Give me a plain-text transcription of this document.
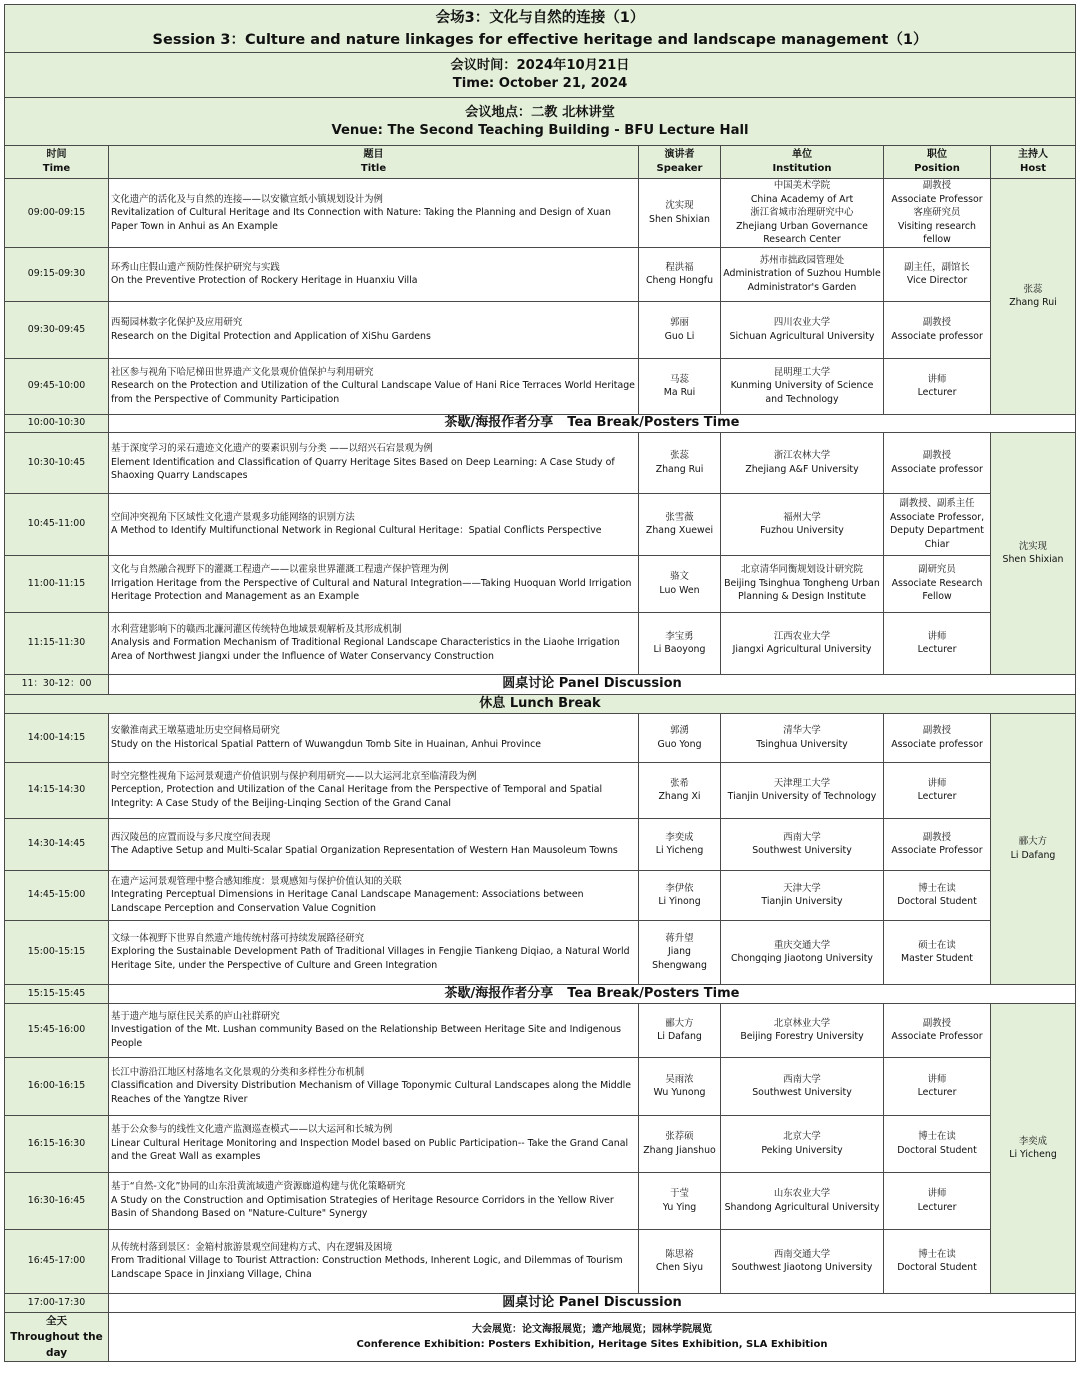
会场3：文化与自然的连接（1）
Session 3：Culture and nature linkages for effective heritage and landscape management（1）					

会议时间：2024年10月21日
Time: October 21, 2024					

会议地点：二教 北林讲堂
Venue: The Second Teaching Building - BFU Lecture Hall					

时间
Time	题目
Title	演讲者
Speaker	单位
Institution	职位
Position	主持人
Host

09:00-09:15	文化遗产的活化及与自然的连接——以安徽宣纸小镇规划设计为例
Revitalization of Cultural Heritage and Its Connection with Nature: Taking the Planning and Design of Xuan Paper Town in Anhui as An Example	沈实现
Shen Shixian	中国美术学院
China Academy of Art
浙江省城市治理研究中心
Zhejiang Urban Governance Research Center	副教授
Associate Professor
客座研究员
Visiting research fellow	张蕊
Zhang Rui

09:15-09:30	环秀山庄假山遗产预防性保护研究与实践
On the Preventive Protection of Rockery Heritage in Huanxiu Villa	程洪福
Cheng Hongfu	苏州市拙政园管理处
Administration of Suzhou Humble Administrator's Garden	副主任，副馆长
Vice Director	

09:30-09:45	西蜀园林数字化保护及应用研究
Research on the Digital Protection and Application of XiShu Gardens	郭丽
Guo Li	四川农业大学
Sichuan Agricultural University	副教授
Associate professor	

09:45-10:00	社区参与视角下哈尼梯田世界遗产文化景观价值保护与利用研究
Research on the Protection and Utilization of the Cultural Landscape Value of Hani Rice Terraces World Heritage from the Perspective of Community Participation	马蕊
Ma Rui	昆明理工大学
Kunming University of Science and Technology	讲师
Lecturer	

10:00-10:30	茶歇/海报作者分享 Tea Break/Posters Time				
10:30-10:45	基于深度学习的采石遗迹文化遗产的要素识别与分类 ——以绍兴石宕景观为例
Element Identification and Classification of Quarry Heritage Sites Based on Deep Learning: A Case Study of Shaoxing Quarry Landscapes	张蕊
Zhang Rui	浙江农林大学
Zhejiang A&F University	副教授
Associate professor	沈实现
Shen Shixian

10:45-11:00	空间冲突视角下区域性文化遗产景观多功能网络的识别方法
A Method to Identify Multifunctional Network in Regional Cultural Heritage：Spatial Conflicts Perspective	张雪薇
Zhang Xuewei	福州大学
Fuzhou University	副教授、副系主任
Associate Professor, Deputy Department Chiar	

11:00-11:15	文化与自然融合视野下的灌溉工程遗产——以霍泉世界灌溉工程遗产保护管理为例
Irrigation Heritage from the Perspective of Cultural and Natural Integration——Taking Huoquan World Irrigation Heritage Protection and Management as an Example	骆文
Luo Wen	北京清华同衡规划设计研究院
Beijing Tsinghua Tongheng Urban Planning & Design Institute	副研究员
Associate Research Fellow	

11:15-11:30	水利营建影响下的赣西北濂河灌区传统特色地域景观解析及其形成机制
Analysis and Formation Mechanism of Traditional Regional Landscape Characteristics in the Liaohe Irrigation Area of Northwest Jiangxi under the Influence of Water Conservancy Construction	李宝勇
Li Baoyong	江西农业大学
Jiangxi Agricultural University	讲师
Lecturer	

11：30-12：00	圆桌讨论 Panel Discussion				
休息 Lunch Break					
14:00-14:15	安徽淮南武王墩墓遗址历史空间格局研究
Study on the Historical Spatial Pattern of Wuwangdun Tomb Site in Huainan, Anhui Province	郭湧
Guo Yong	清华大学
Tsinghua University	副教授
Associate professor	郦大方
Li Dafang

14:15-14:30	时空完整性视角下运河景观遗产价值识别与保护利用研究——以大运河北京至临清段为例
Perception, Protection and Utilization of the Canal Heritage from the Perspective of Temporal and Spatial Integrity: A Case Study of the Beijing-Linqing Section of the Grand Canal	张希
Zhang Xi	天津理工大学
Tianjin University of Technology	讲师
Lecturer	

14:30-14:45	西汉陵邑的应置而设与多尺度空间表现
The Adaptive Setup and Multi-Scalar Spatial Organization Representation of Western Han Mausoleum Towns	李奕成
Li Yicheng	西南大学
Southwest University	副教授
Associate Professor	

14:45-15:00	在遗产运河景观管理中整合感知维度：景观感知与保护价值认知的关联
Integrating Perceptual Dimensions in Heritage Canal Landscape Management: Associations between Landscape Perception and Conservation Value Cognition	李伊依
Li Yinong	天津大学
Tianjin University	博士在读
Doctoral Student	

15:00-15:15	文绿一体视野下世界自然遗产地传统村落可持续发展路径研究
Exploring the Sustainable Development Path of Traditional Villages in Fengjie Tiankeng Diqiao, a Natural World Heritage Site, under the Perspective of Culture and Green Integration	蒋升望
Jiang Shengwang	重庆交通大学
Chongqing Jiaotong University	硕士在读
Master Student	

15:15-15:45	茶歇/海报作者分享 Tea Break/Posters Time				
15:45-16:00	基于遗产地与原住民关系的庐山社群研究
Investigation of the Mt. Lushan community Based on the Relationship Between Heritage Site and Indigenous People	郦大方
Li Dafang	北京林业大学
Beijing Forestry University	副教授
Associate Professor	李奕成
Li Yicheng

16:00-16:15	长江中游沿江地区村落地名文化景观的分类和多样性分布机制
Classification and Diversity Distribution Mechanism of Village Toponymic Cultural Landscapes along the Middle Reaches of the Yangtze River	吴雨浓
Wu Yunong	西南大学
Southwest University	讲师
Lecturer	

16:15-16:30	基于公众参与的线性文化遗产监测巡查模式——以大运河和长城为例
Linear Cultural Heritage Monitoring and Inspection Model based on Public Participation-- Take the Grand Canal and the Great Wall as examples	张荐硕
Zhang Jianshuo	北京大学
Peking University	博士在读
Doctoral Student	

16:30-16:45	基于“自然-文化”协同的山东沿黄流域遗产资源廊道构建与优化策略研究
A Study on the Construction and Optimisation Strategies of Heritage Resource Corridors in the Yellow River Basin of Shandong Based on "Nature-Culture" Synergy	于莹
Yu Ying	山东农业大学
Shandong Agricultural University	讲师
Lecturer	

16:45-17:00	从传统村落到景区：金箱村旅游景观空间建构方式、内在逻辑及困境
From Traditional Village to Tourist Attraction: Construction Methods, Inherent Logic, and Dilemmas of Tourism Landscape Space in Jinxiang Village, China	陈思裕
Chen Siyu	西南交通大学
Southwest Jiaotong University	博士在读
Doctoral Student	

17:00-17:30	圆桌讨论 Panel Discussion				

全天
Throughout the day	大会展览：论文海报展览；遗产地展览；园林学院展览
Conference Exhibition: Posters Exhibition, Heritage Sites Exhibition, SLA Exhibition				
